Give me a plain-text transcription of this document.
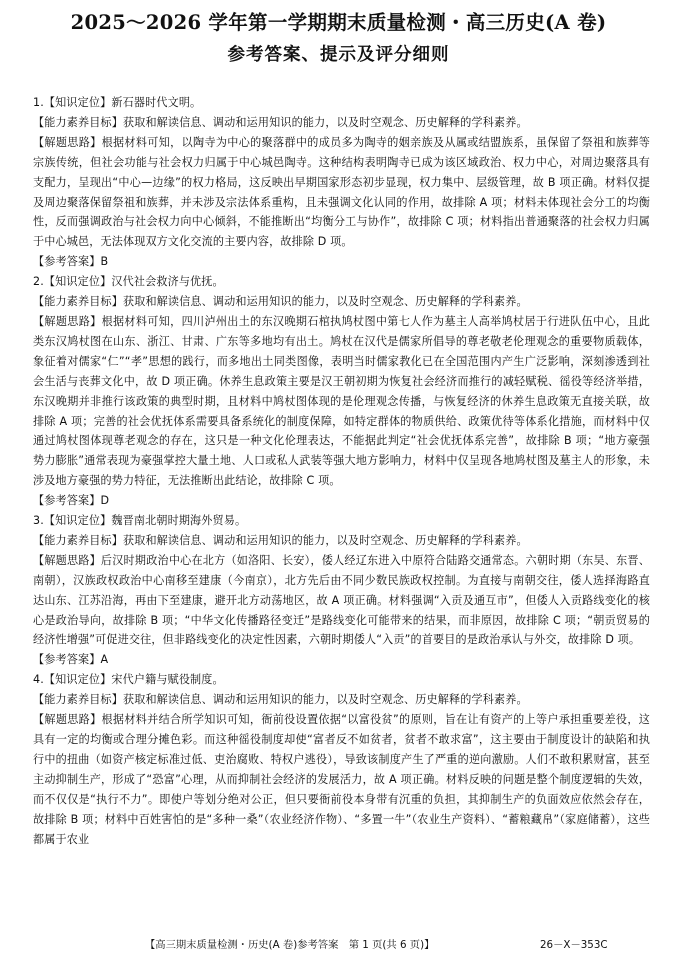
2025～2026 学年第一学期期末质量检测・高三历史(A 卷)
参考答案、提示及评分细则

1.【知识定位】新石器时代文明。

【能力素养目标】获取和解读信息、调动和运用知识的能力，以及时空观念、历史解释的学科素养。

【解题思路】根据材料可知，以陶寺为中心的聚落群中的成员多为陶寺的姻亲族及从属或结盟族系，虽保留了祭祖和族葬等宗族传统，但社会功能与社会权力归属于中心城邑陶寺。这种结构表明陶寺已成为该区域政治、权力中心，对周边聚落具有支配力，呈现出“中心—边缘”的权力格局，这反映出早期国家形态初步显现，权力集中、层级管理，故 B 项正确。材料仅提及周边聚落保留祭祖和族葬，并未涉及宗法体系重构，且未强调文化认同的作用，故排除 A 项；材料未体现社会分工的均衡性，反而强调政治与社会权力向中心倾斜，不能推断出“均衡分工与协作”，故排除 C 项；材料指出普通聚落的社会权力归属于中心城邑，无法体现双方文化交流的主要内容，故排除 D 项。

【参考答案】B

2.【知识定位】汉代社会救济与优抚。

【能力素养目标】获取和解读信息、调动和运用知识的能力，以及时空观念、历史解释的学科素养。

【解题思路】根据材料可知，四川泸州出土的东汉晚期石棺执鸠杖图中第七人作为墓主人高举鸠杖居于行进队伍中心，且此类东汉鸠杖图在山东、浙江、甘肃、广东等多地均有出土。鸠杖在汉代是儒家所倡导的尊老敬老伦理观念的重要物质载体，象征着对儒家“仁”“孝”思想的践行，而多地出土同类图像，表明当时儒家教化已在全国范围内产生广泛影响，深刻渗透到社会生活与丧葬文化中，故 D 项正确。休养生息政策主要是汉王朝初期为恢复社会经济而推行的减轻赋税、徭役等经济举措，东汉晚期并非推行该政策的典型时期，且材料中鸠杖图体现的是伦理观念传播，与恢复经济的休养生息政策无直接关联，故排除 A 项；完善的社会优抚体系需要具备系统化的制度保障，如特定群体的物质供给、政策优待等体系化措施，而材料中仅通过鸠杖图体现尊老观念的存在，这只是一种文化伦理表达，不能据此判定“社会优抚体系完善”，故排除 B 项；“地方豪强势力膨胀”通常表现为豪强掌控大量土地、人口或私人武装等强大地方影响力，材料中仅呈现各地鸠杖图及墓主人的形象，未涉及地方豪强的势力特征，无法推断出此结论，故排除 C 项。

【参考答案】D

3.【知识定位】魏晋南北朝时期海外贸易。

【能力素养目标】获取和解读信息、调动和运用知识的能力，以及时空观念、历史解释的学科素养。

【解题思路】后汉时期政治中心在北方（如洛阳、长安），倭人经辽东进入中原符合陆路交通常态。六朝时期（东吴、东晋、南朝），汉族政权政治中心南移至建康（今南京），北方先后由不同少数民族政权控制。为直接与南朝交往，倭人选择海路直达山东、江苏沿海，再由下至建康，避开北方动荡地区，故 A 项正确。材料强调“入贡及通互市”，但倭人入贡路线变化的核心是政治导向，故排除 B 项；“中华文化传播路径变迁”是路线变化可能带来的结果，而非原因，故排除 C 项；“朝贡贸易的经济性增强”可促进交往，但非路线变化的决定性因素，六朝时期倭人“入贡”的首要目的是政治承认与外交，故排除 D 项。

【参考答案】A

4.【知识定位】宋代户籍与赋役制度。

【能力素养目标】获取和解读信息、调动和运用知识的能力，以及时空观念、历史解释的学科素养。

【解题思路】根据材料并结合所学知识可知，衙前役设置依据“以富役贫”的原则，旨在让有资产的上等户承担重要差役，这具有一定的均衡或合理分摊色彩。而这种徭役制度却使“富者反不如贫者，贫者不敢求富”，这主要由于制度设计的缺陷和执行中的扭曲（如资产核定标准过低、吏治腐败、特权户逃役），导致该制度产生了严重的逆向激励。人们不敢积累财富，甚至主动抑制生产，形成了“恐富”心理，从而抑制社会经济的发展活力，故 A 项正确。材料反映的问题是整个制度逻辑的失效，而不仅仅是“执行不力”。即使户等划分绝对公正，但只要衙前役本身带有沉重的负担，其抑制生产的负面效应依然会存在，故排除 B 项；材料中百姓害怕的是“多种一桑”（农业经济作物）、“多置一牛”（农业生产资料）、“蓄粮藏帛”（家庭储蓄），这些都属于农业

【高三期末质量检测・历史(A 卷)参考答案　第 1 页(共 6 页)】	26－X－353C
